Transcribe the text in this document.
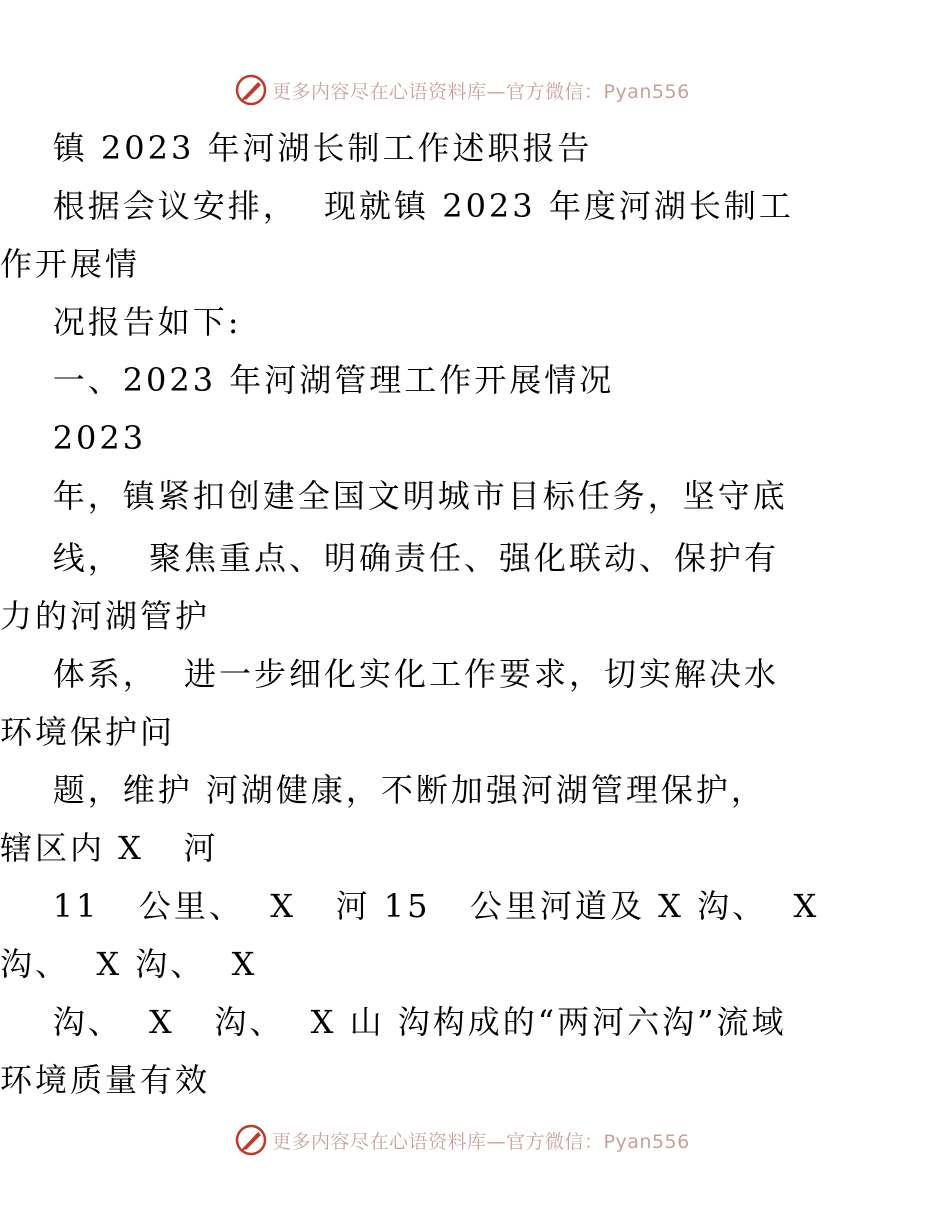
更多内容尽在心语资料库—官方微信：Pyan556

镇 2023 年河湖长制工作述职报告

根据会议安排，  现就镇 2023 年度河湖长制工

作开展情

况报告如下:

一、2023 年河湖管理工作开展情况

2023

年，镇紧扣创建全国文明城市目标任务，坚守底

线，  聚焦重点、明确责任、强化联动、保护有

力的河湖管护

体系，  进一步细化实化工作要求，切实解决水

环境保护问

题，维护 河湖健康，不断加强河湖管理保护，

辖区内 X   河

11   公里、  X   河 15   公里河道及 X 沟、  X

沟、  X 沟、  X

沟、  X   沟、  X 山 沟构成的“两河六沟”流域

环境质量有效

更多内容尽在心语资料库—官方微信：Pyan556
